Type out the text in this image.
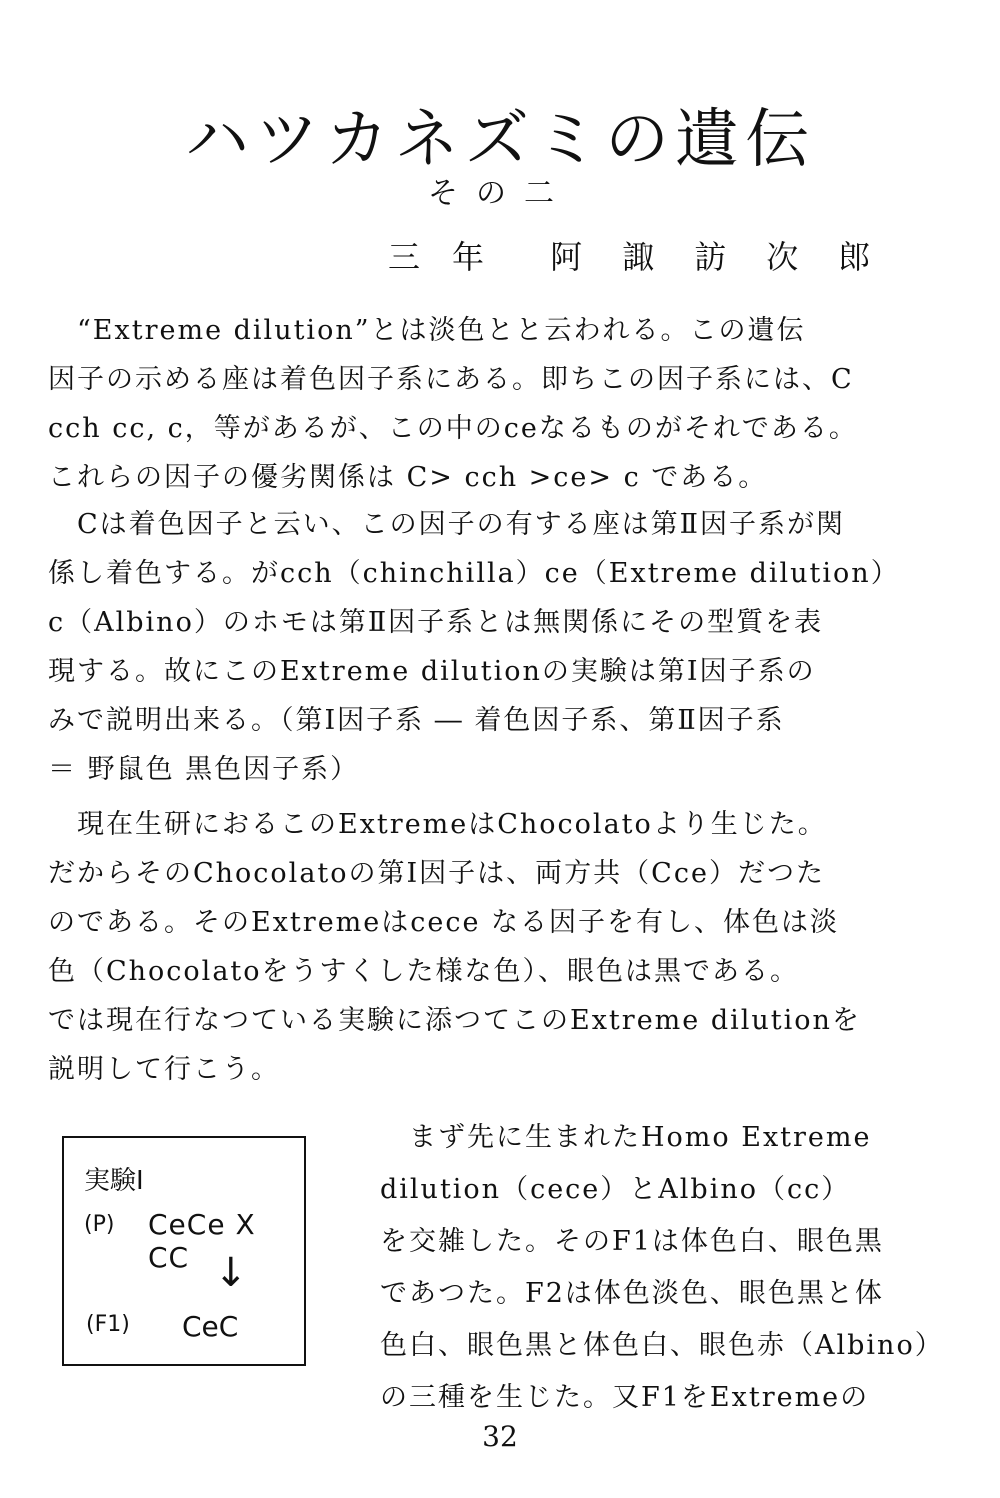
ハツカネズミの遺伝
その二
三年 阿諏訪次郎
　“Extreme dilution”とは淡色とと云われる。この遺伝
因子の示める座は着色因子系にある。即ちこの因子系には、C
cch cc, c，等があるが、この中のceなるものがそれである。
これらの因子の優劣関係は C> cch >ce> c である。
　Cは着色因子と云い、この因子の有する座は第Ⅱ因子系が関
係し着色する。がcch（chinchilla）ce（Extreme dilution）
c（Albino）のホモは第Ⅱ因子系とは無関係にその型質を表
現する。故にこのExtreme dilutionの実験は第Ⅰ因子系の
みで説明出来る。（第Ⅰ因子系 ― 着色因子系、第Ⅱ因子系
＝ 野鼠色 黒色因子系）
　現在生研におるこのExtremeはChocolatoより生じた。
だからそのChocolatoの第Ⅰ因子は、両方共（Cce）だつた
のである。そのExtremeはcece なる因子を有し、体色は淡
色（Chocolatoをうすくした様な色）、眼色は黒である。
では現在行なつている実験に添つてこのExtreme dilutionを
説明して行こう。
実験Ⅰ
(P) CeCe X CC ↓
(F1) CeC
　まず先に生まれたHomo Extreme
dilution（cece）とAlbino（cc）
を交雑した。そのF1は体色白、眼色黒
であつた。F2は体色淡色、眼色黒と体
色白、眼色黒と体色白、眼色赤（Albino）
の三種を生じた。又F1をExtremeの
32
